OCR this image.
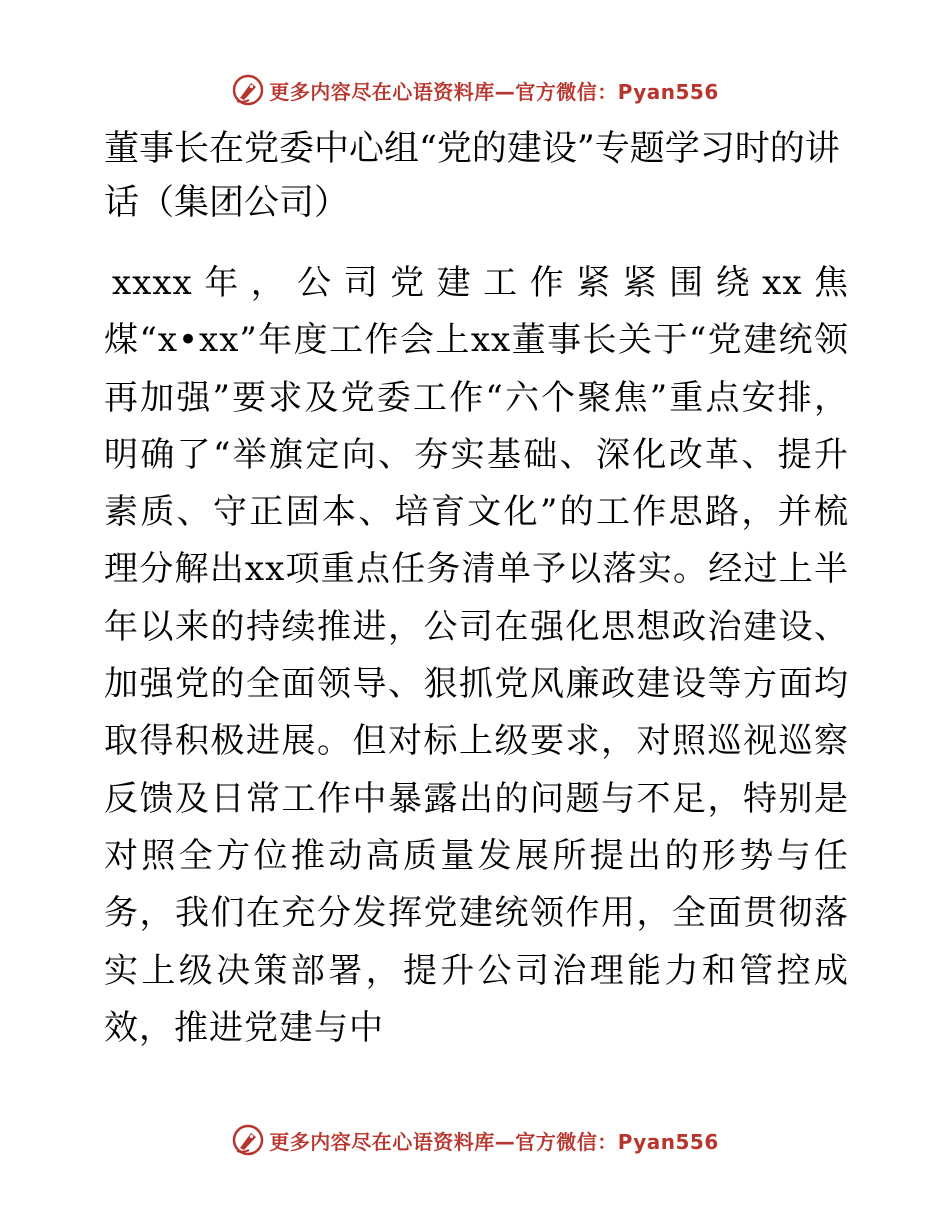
更多内容尽在心语资料库—官方微信：Pyan556
董事长在党委中心组“党的建设”专题学习时的讲话（集团公司）

xxxx年，公司党建工作紧紧围绕xx焦煤“x•xx”年度工作会上xx董事长关于“党建统领再加强”要求及党委工作“六个聚焦”重点安排，明确了“举旗定向、夯实基础、深化改革、提升素质、守正固本、培育文化”的工作思路，并梳理分解出xx项重点任务清单予以落实。经过上半年以来的持续推进，公司在强化思想政治建设、加强党的全面领导、狠抓党风廉政建设等方面均取得积极进展。但对标上级要求，对照巡视巡察反馈及日常工作中暴露出的问题与不足，特别是对照全方位推动高质量发展所提出的形势与任务，我们在充分发挥党建统领作用，全面贯彻落实上级决策部署，提升公司治理能力和管控成效，推进党建与中

更多内容尽在心语资料库—官方微信：Pyan556
